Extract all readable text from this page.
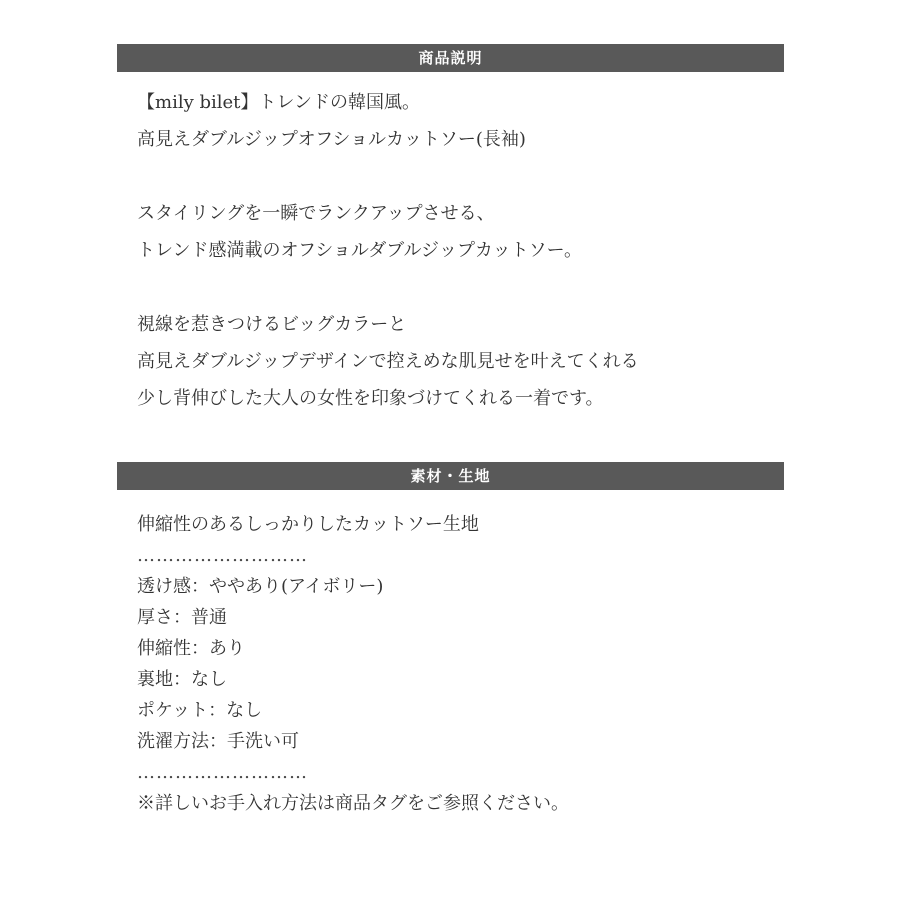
商品説明

【mily bilet】トレンドの韓国風。

高見えダブルジップオフショルカットソー(長袖)

スタイリングを一瞬でランクアップさせる、

トレンド感満載のオフショルダブルジップカットソー。

視線を惹きつけるビッグカラーと

高見えダブルジップデザインで控えめな肌見せを叶えてくれる

少し背伸びした大人の女性を印象づけてくれる一着です。

素材・生地

伸縮性のあるしっかりしたカットソー生地

………………………

透け感：ややあり(アイボリー)

厚さ：普通

伸縮性：あり

裏地：なし

ポケット：なし

洗濯方法：手洗い可

………………………

※詳しいお手入れ方法は商品タグをご参照ください。
